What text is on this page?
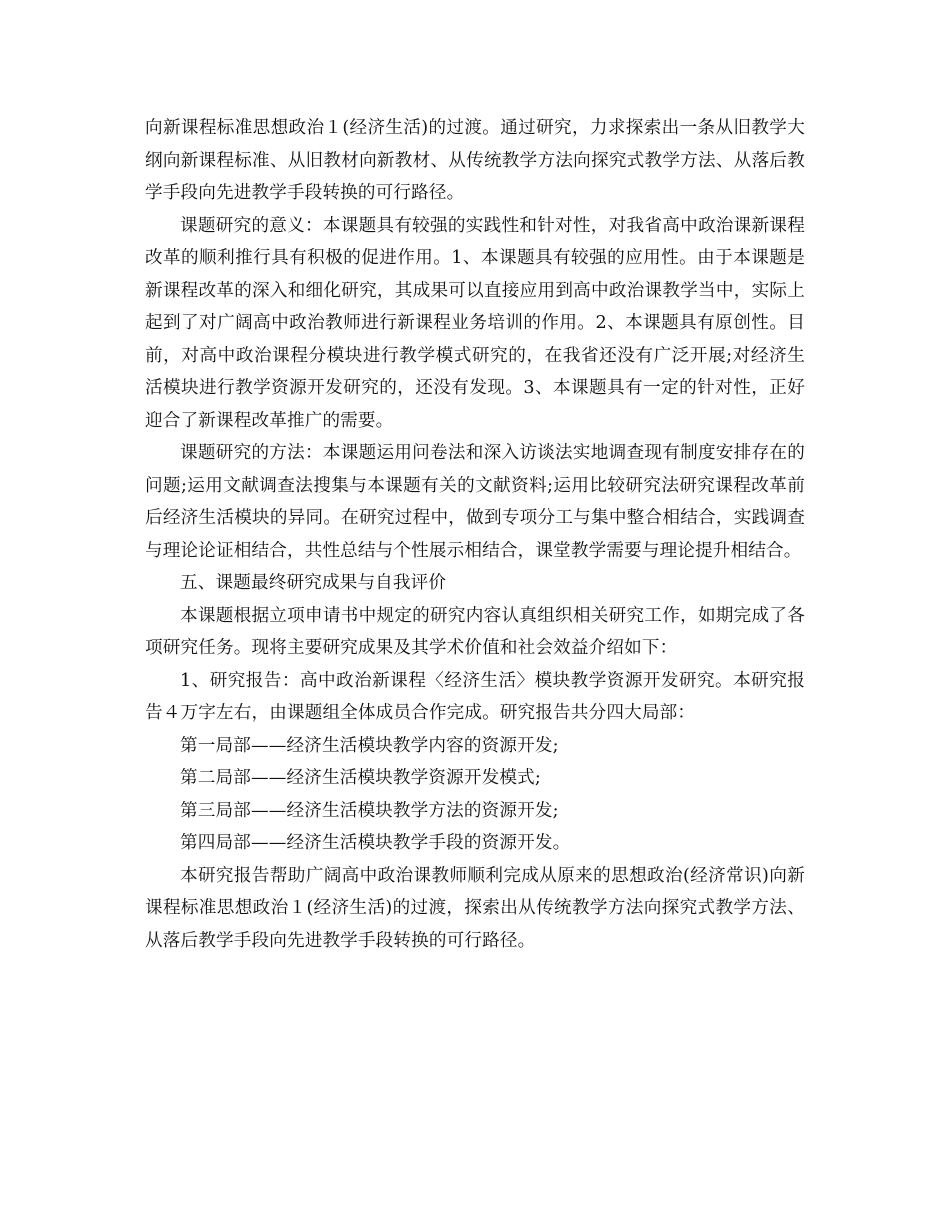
向新课程标准思想政治１(经济生活)的过渡。通过研究，力求探索出一条从旧教学大纲向新课程标准、从旧教材向新教材、从传统教学方法向探究式教学方法、从落后教学手段向先进教学手段转换的可行路径。

课题研究的意义：本课题具有较强的实践性和针对性，对我省高中政治课新课程改革的顺利推行具有积极的促进作用。1、本课题具有较强的应用性。由于本课题是新课程改革的深入和细化研究，其成果可以直接应用到高中政治课教学当中，实际上起到了对广阔高中政治教师进行新课程业务培训的作用。2、本课题具有原创性。目前，对高中政治课程分模块进行教学模式研究的，在我省还没有广泛开展;对经济生活模块进行教学资源开发研究的，还没有发现。3、本课题具有一定的针对性，正好迎合了新课程改革推广的需要。

课题研究的方法：本课题运用问卷法和深入访谈法实地调查现有制度安排存在的问题;运用文献调查法搜集与本课题有关的文献资料;运用比较研究法研究课程改革前后经济生活模块的异同。在研究过程中，做到专项分工与集中整合相结合，实践调查与理论论证相结合，共性总结与个性展示相结合，课堂教学需要与理论提升相结合。

五、课题最终研究成果与自我评价

本课题根据立项申请书中规定的研究内容认真组织相关研究工作，如期完成了各项研究任务。现将主要研究成果及其学术价值和社会效益介绍如下：

1、研究报告：高中政治新课程〈经济生活〉模块教学资源开发研究。本研究报告４万字左右，由课题组全体成员合作完成。研究报告共分四大局部：

第一局部——经济生活模块教学内容的资源开发;

第二局部——经济生活模块教学资源开发模式;

第三局部——经济生活模块教学方法的资源开发;

第四局部——经济生活模块教学手段的资源开发。

本研究报告帮助广阔高中政治课教师顺利完成从原来的思想政治(经济常识)向新课程标准思想政治１(经济生活)的过渡，探索出从传统教学方法向探究式教学方法、从落后教学手段向先进教学手段转换的可行路径。
